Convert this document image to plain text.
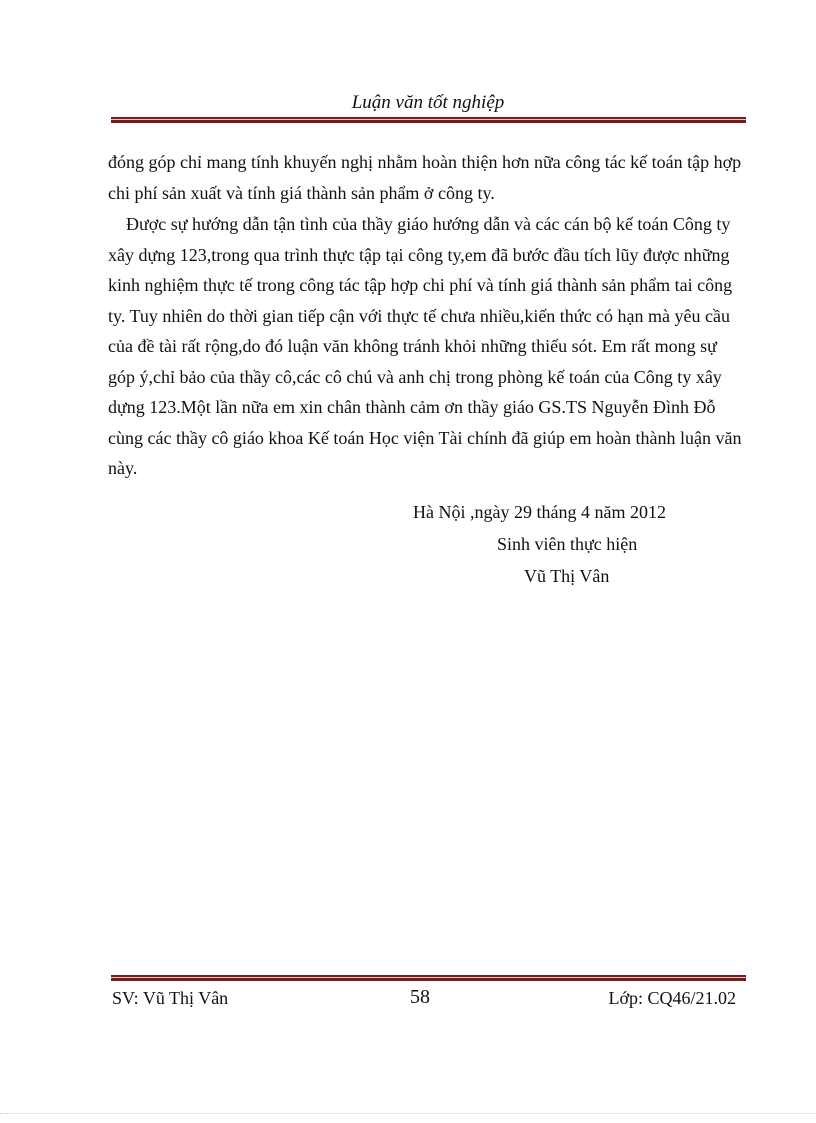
Luận văn tốt nghiệp

đóng góp chỉ mang tính khuyến nghị nhằm hoàn thiện hơn nữa công tác kế toán tập hợp chi phí sản xuất và tính giá thành sản phẩm ở công ty.

Được sự hướng dẫn tận tình của thầy giáo hướng dẫn và các cán bộ kế toán Công ty xây dựng 123,trong qua trình thực tập tại công ty,em đã bước đầu tích lũy được những kinh nghiệm thực tế trong công tác tập hợp chi phí và tính giá thành sản phẩm tai công ty. Tuy nhiên do thời gian tiếp cận với thực tế chưa nhiều,kiến thức có hạn mà yêu cầu của đề tài rất rộng,do đó luận văn không tránh khỏi những thiếu sót. Em rất mong sự góp ý,chỉ bảo của thầy cô,các cô chú và anh chị trong phòng kế toán của Công ty xây dựng 123.Một lần nữa em xin chân thành cảm ơn thầy giáo GS.TS Nguyễn Đình Đỗ cùng các thầy cô giáo khoa Kế toán Học viện Tài chính đã giúp em hoàn thành luận văn này.

Hà Nội ,ngày 29 tháng 4 năm 2012
Sinh viên thực hiện
Vũ Thị Vân
SV: Vũ Thị Vân	58	Lớp: CQ46/21.02
